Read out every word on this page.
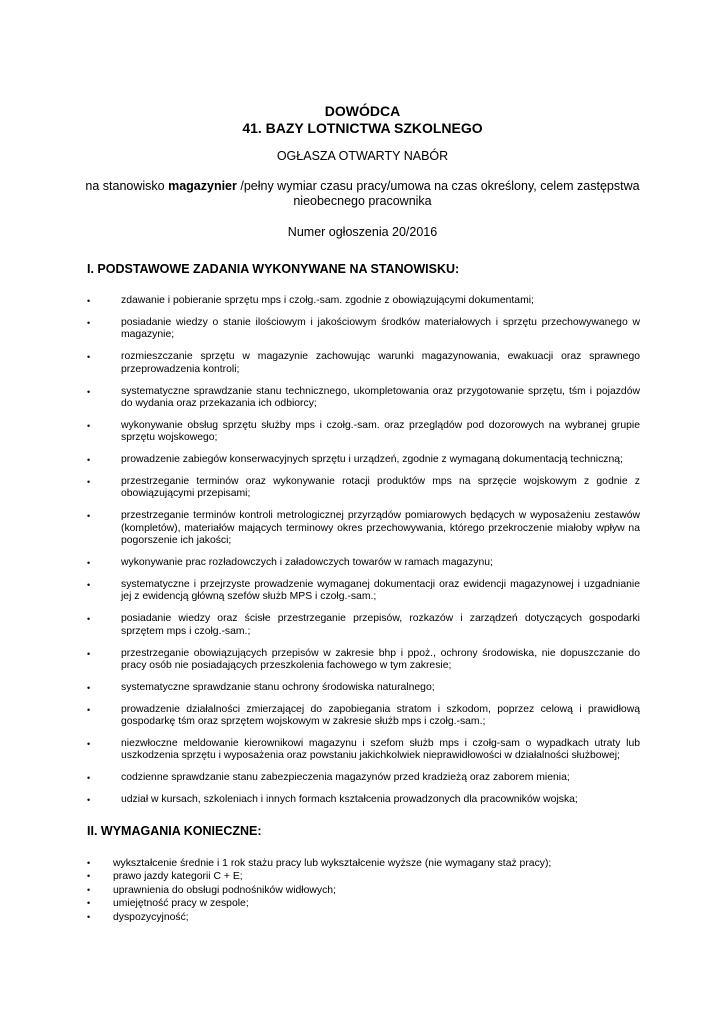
DOWÓDCA
41. BAZY LOTNICTWA SZKOLNEGO
OGŁASZA OTWARTY NABÓR
na stanowisko magazynier /pełny wymiar czasu pracy/umowa na czas określony, celem zastępstwa nieobecnego pracownika
Numer ogłoszenia 20/2016
I. PODSTAWOWE ZADANIA WYKONYWANE NA STANOWISKU:
•	zdawanie i pobieranie sprzętu mps i czołg.-sam. zgodnie z obowiązującymi dokumentami;
•	posiadanie wiedzy o stanie ilościowym i jakościowym środków materiałowych i sprzętu przechowywanego w magazynie;
•	rozmieszczanie sprzętu w magazynie zachowując warunki magazynowania, ewakuacji oraz sprawnego przeprowadzenia kontroli;
•	systematyczne sprawdzanie stanu technicznego, ukompletowania oraz przygotowanie sprzętu, tśm i pojazdów do wydania oraz przekazania ich odbiorcy;
•	wykonywanie obsług sprzętu służby mps i czołg.-sam. oraz przeglądów pod dozorowych na wybranej grupie sprzętu wojskowego;
•	prowadzenie zabiegów konserwacyjnych sprzętu i urządzeń, zgodnie z wymaganą dokumentacją techniczną;
•	przestrzeganie terminów oraz wykonywanie rotacji produktów mps na sprzęcie wojskowym z godnie z obowiązującymi przepisami;
•	przestrzeganie terminów kontroli metrologicznej przyrządów pomiarowych będących w wyposażeniu zestawów (kompletów), materiałów mających terminowy okres przechowywania, którego przekroczenie miałoby wpływ na pogorszenie ich jakości;
•	wykonywanie prac rozładowczych i załadowczych towarów w ramach magazynu;
•	systematyczne i przejrzyste prowadzenie wymaganej dokumentacji oraz ewidencji magazynowej i uzgadnianie jej z ewidencją główną szefów służb MPS i czołg.-sam.;
•	posiadanie wiedzy oraz ścisłe przestrzeganie przepisów, rozkazów i zarządzeń dotyczących gospodarki sprzętem mps i czołg.-sam.;
•	przestrzeganie obowiązujących przepisów w zakresie bhp i ppoż., ochrony środowiska, nie dopuszczanie do pracy osób nie posiadających przeszkolenia fachowego w tym zakresie;
•	systematyczne sprawdzanie stanu ochrony środowiska naturalnego;
•	prowadzenie działalności zmierzającej do zapobiegania stratom i szkodom, poprzez celową i prawidłową gospodarkę tśm oraz sprzętem wojskowym w zakresie służb mps i czołg.-sam.;
•	niezwłoczne meldowanie kierownikowi magazynu i szefom służb mps i czołg-sam o wypadkach utraty lub uszkodzenia sprzętu i wyposażenia oraz powstaniu jakichkolwiek nieprawidłowości w działalności służbowej;
•	codzienne sprawdzanie stanu zabezpieczenia magazynów przed kradzieżą oraz zaborem mienia;
•	udział w kursach, szkoleniach i innych formach kształcenia prowadzonych dla pracowników wojska;
II. WYMAGANIA KONIECZNE:
• wykształcenie średnie i 1 rok stażu pracy lub wykształcenie wyższe (nie wymagany staż pracy);
• prawo jazdy kategorii C + E;
• uprawnienia do obsługi podnośników widłowych;
• umiejętność pracy w zespole;
• dyspozycyjność;
